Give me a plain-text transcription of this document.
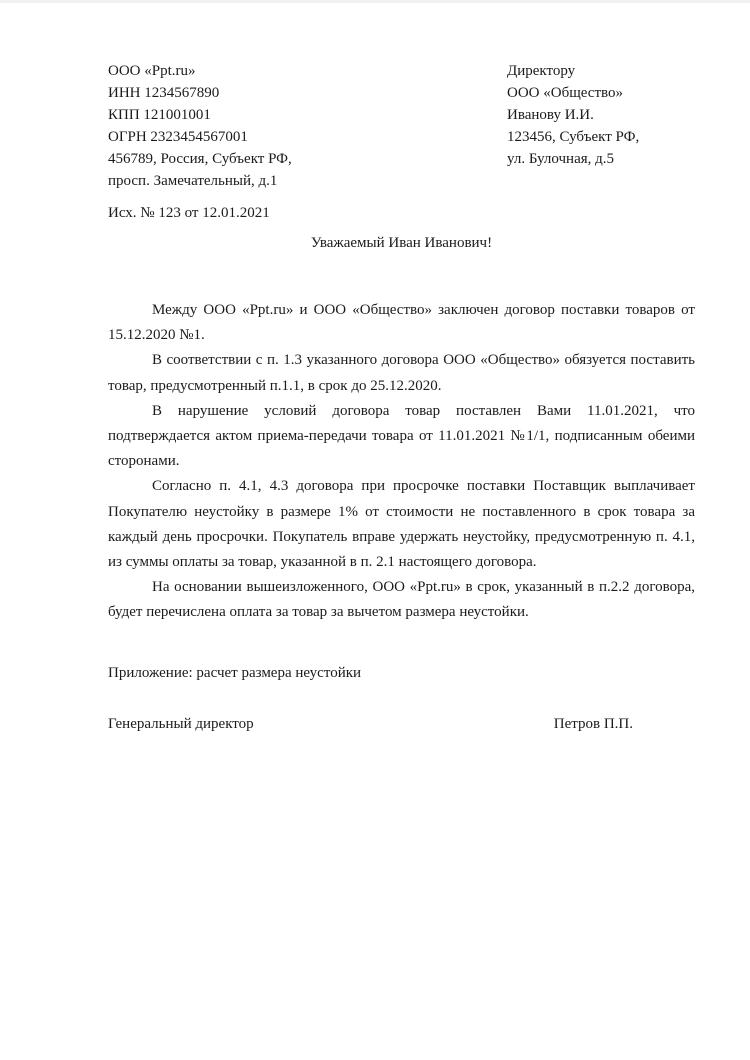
ООО «Ppt.ru»
ИНН 1234567890
КПП 121001001
ОГРН 2323454567001
456789, Россия, Субъект РФ,
просп. Замечательный, д.1
Директору
ООО «Общество»
Иванову И.И.
123456, Субъект РФ,
ул. Булочная, д.5
Исх. № 123 от 12.01.2021
Уважаемый Иван Иванович!

Между ООО «Ppt.ru» и ООО «Общество» заключен договор поставки товаров от 15.12.2020 №1.

В соответствии с п. 1.3 указанного договора ООО «Общество» обязуется поставить товар, предусмотренный п.1.1, в срок до 25.12.2020.

В нарушение условий договора товар поставлен Вами 11.01.2021, что подтверждается актом приема-передачи товара от 11.01.2021 №1/1, подписанным обеими сторонами.

Согласно п. 4.1, 4.3 договора при просрочке поставки Поставщик выплачивает Покупателю неустойку в размере 1% от стоимости не поставленного в срок товара за каждый день просрочки. Покупатель вправе удержать неустойку, предусмотренную п. 4.1, из суммы оплаты за товар, указанной в п. 2.1 настоящего договора.

На основании вышеизложенного, ООО «Ppt.ru» в срок, указанный в п.2.2 договора, будет перечислена оплата за товар за вычетом размера неустойки.

Приложение: расчет размера неустойки
Генеральный директор	Петров П.П.
